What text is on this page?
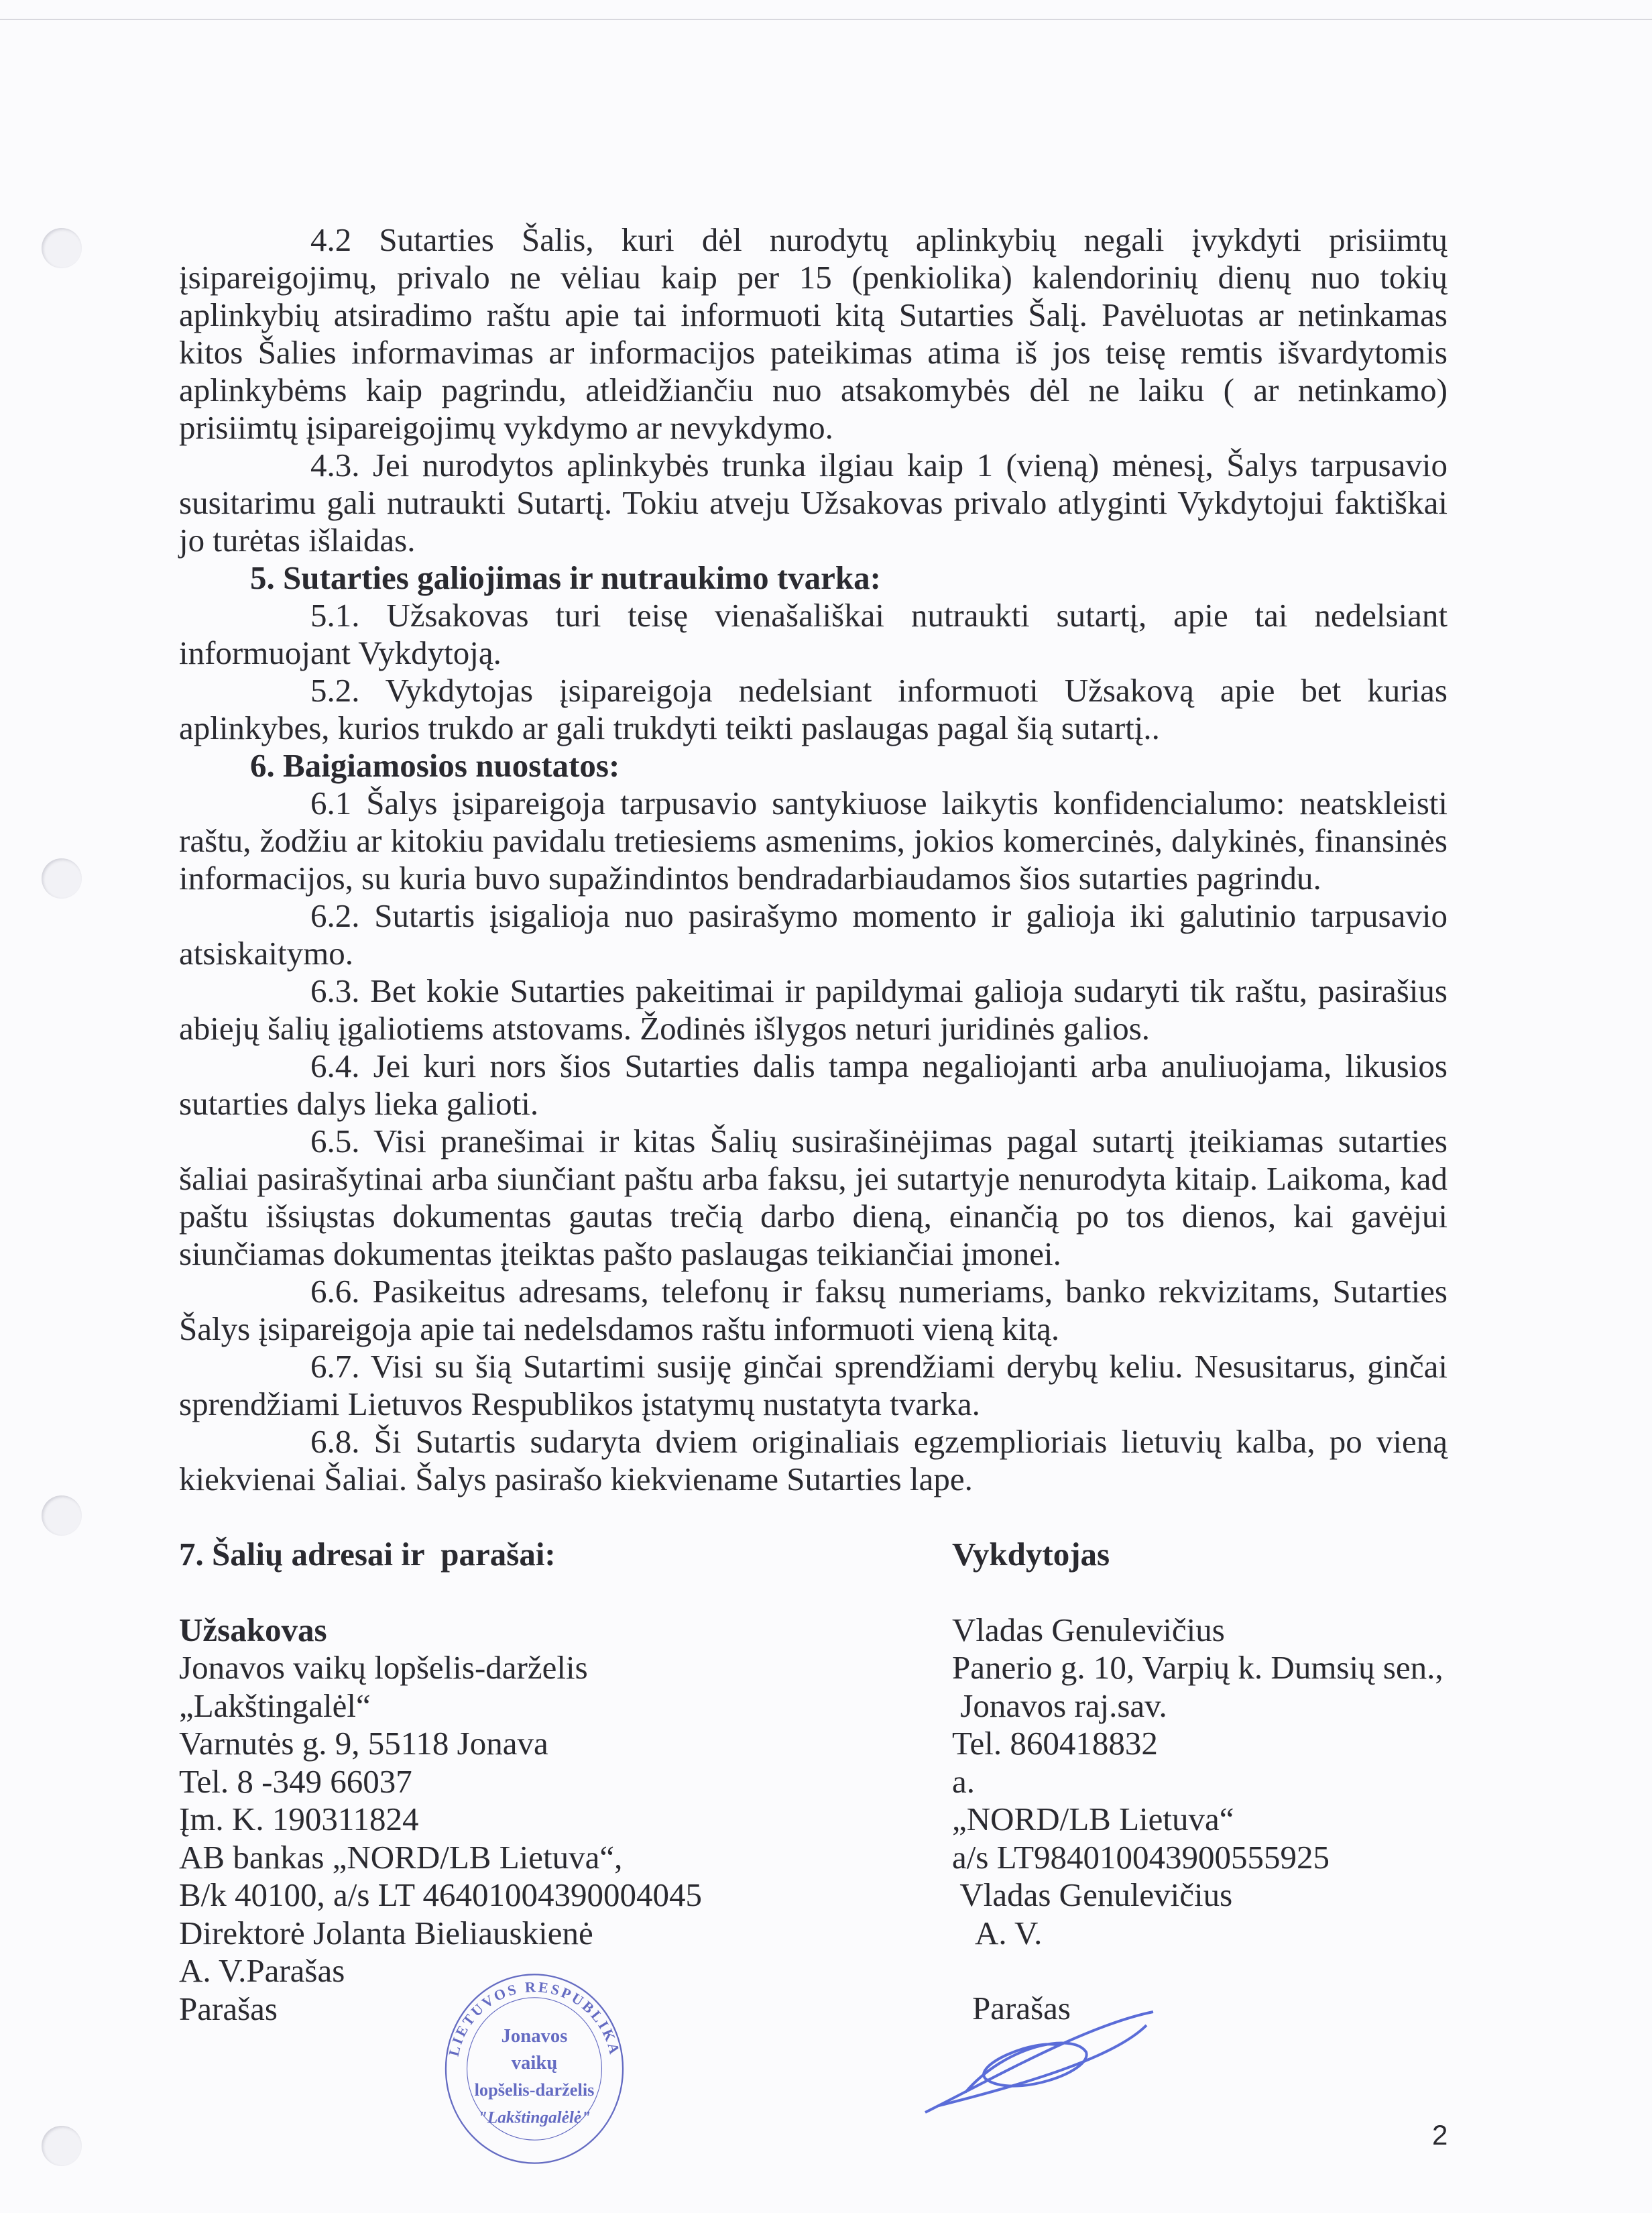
4.2 Sutarties Šalis, kuri dėl nurodytų aplinkybių negali įvykdyti prisiimtų įsipareigojimų, privalo ne vėliau kaip per 15 (penkiolika) kalendorinių dienų nuo tokių aplinkybių atsiradimo raštu apie tai informuoti kitą Sutarties Šalį. Pavėluotas ar netinkamas kitos Šalies informavimas ar informacijos pateikimas atima iš jos teisę remtis išvardytomis aplinkybėms kaip pagrindu, atleidžiančiu nuo atsakomybės dėl ne laiku ( ar netinkamo) prisiimtų įsipareigojimų vykdymo ar nevykdymo.

4.3. Jei nurodytos aplinkybės trunka ilgiau kaip 1 (vieną) mėnesį, Šalys tarpusavio susitarimu gali nutraukti Sutartį. Tokiu atveju Užsakovas privalo atlyginti Vykdytojui faktiškai jo turėtas išlaidas.

5. Sutarties galiojimas ir nutraukimo tvarka:

5.1. Užsakovas turi teisę vienašališkai nutraukti sutartį, apie tai nedelsiant informuojant Vykdytoją.

5.2. Vykdytojas įsipareigoja nedelsiant informuoti Užsakovą apie bet kurias aplinkybes, kurios trukdo ar gali trukdyti teikti paslaugas pagal šią sutartį..

6. Baigiamosios nuostatos:

6.1 Šalys įsipareigoja tarpusavio santykiuose laikytis konfidencialumo: neatskleisti raštu, žodžiu ar kitokiu pavidalu tretiesiems asmenims, jokios komercinės, dalykinės, finansinės informacijos, su kuria buvo supažindintos bendradarbiaudamos šios sutarties pagrindu.

6.2. Sutartis įsigalioja nuo pasirašymo momento ir galioja iki galutinio tarpusavio atsiskaitymo.

6.3. Bet kokie Sutarties pakeitimai ir papildymai galioja sudaryti tik raštu, pasirašius abiejų šalių įgaliotiems atstovams. Žodinės išlygos neturi juridinės galios.

6.4. Jei kuri nors šios Sutarties dalis tampa negaliojanti arba anuliuojama, likusios sutarties dalys lieka galioti.

6.5. Visi pranešimai ir kitas Šalių susirašinėjimas pagal sutartį įteikiamas sutarties šaliai pasirašytinai arba siunčiant paštu arba faksu, jei sutartyje nenurodyta kitaip. Laikoma, kad paštu išsiųstas dokumentas gautas trečią darbo dieną, einančią po tos dienos, kai gavėjui siunčiamas dokumentas įteiktas pašto paslaugas teikiančiai įmonei.

6.6. Pasikeitus adresams, telefonų ir faksų numeriams, banko rekvizitams, Sutarties Šalys įsipareigoja apie tai nedelsdamos raštu informuoti vieną kitą.

6.7. Visi su šią Sutartimi susiję ginčai sprendžiami derybų keliu. Nesusitarus, ginčai sprendžiami Lietuvos Respublikos įstatymų nustatyta tvarka.

6.8. Ši Sutartis sudaryta dviem originaliais egzemplioriais lietuvių kalba, po vieną kiekvienai Šaliai. Šalys pasirašo kiekviename Sutarties lape.

7. Šalių adresai ir  parašai:
Užsakovas
Jonavos vaikų lopšelis-darželis
„Lakštingalėl“
Varnutės g. 9, 55118 Jonava
Tel. 8 -349 66037
Įm. K. 190311824
AB bankas „NORD/LB Lietuva“,
B/k 40100, a/s LT 46401004390004045
Direktorė Jolanta Bieliauskienė
A. V.Parašas
Parašas
LIETUVOS RESPUBLIKA
Jonavos
vaikų
lopšelis-darželis
"Lakštingalėlė"
Vykdytojas
Vladas Genulevičius
Panerio g. 10, Varpių k. Dumsių sen.,
Jonavos raj.sav.
Tel. 860418832
a.
„NORD/LB Lietuva“
a/s LT984010043900555925
Vladas Genulevičius
A. V.
Parašas
2
